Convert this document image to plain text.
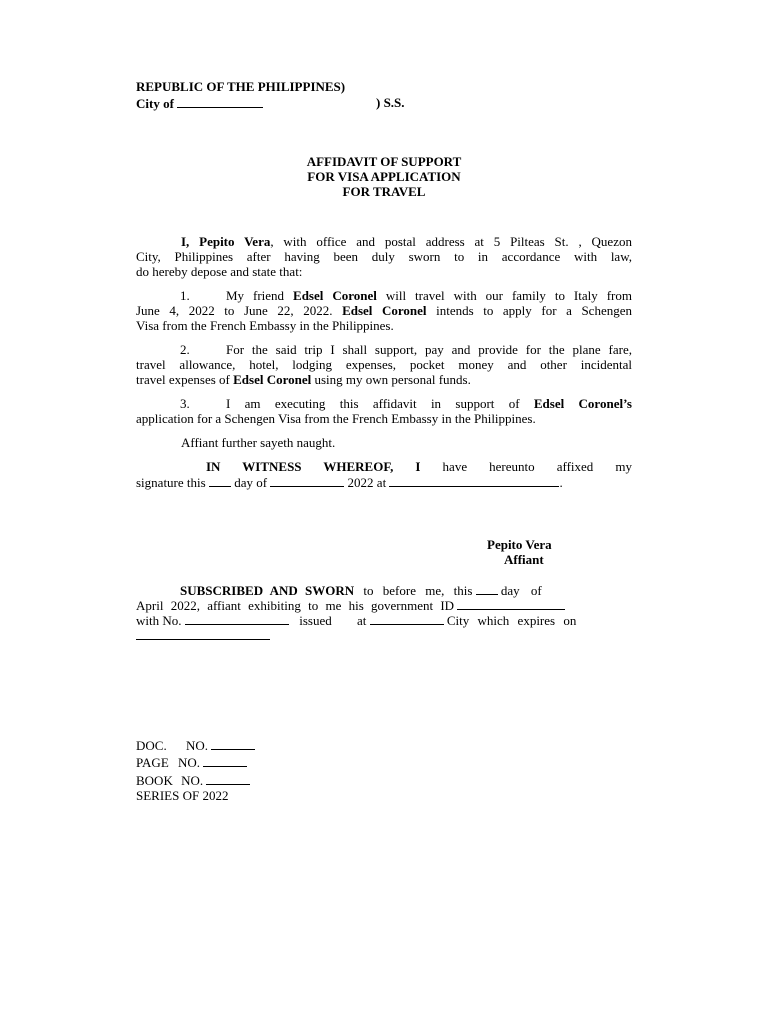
REPUBLIC OF THE PHILIPPINES)
City of	) S.S.
AFFIDAVIT OF SUPPORT
FOR VISA APPLICATION
FOR TRAVEL
I, Pepito Vera, with office and postal address at 5 Pilteas St. , Quezon
City, Philippines after having been duly sworn to in accordance with law,
do hereby depose and state that:
1.	My friend Edsel Coronel will travel with our family to Italy from
June 4, 2022 to June 22, 2022. Edsel Coronel intends to apply for a Schengen
Visa from the French Embassy in the Philippines.
2.	For the said trip I shall support, pay and provide for the plane fare,
travel allowance, hotel, lodging expenses, pocket money and other incidental
travel expenses of Edsel Coronel using my own personal funds.
3.	I am executing this affidavit in support of Edsel Coronel’s
application for a Schengen Visa from the French Embassy in the Philippines.
Affiant further sayeth naught.
IN WITNESS WHEREOF, I have hereunto affixed my
signature this day of	2022 at	.
Pepito Vera
Affiant
SUBSCRIBED AND SWORN to before me, this day of
April 2022, affiant exhibiting to me his government ID
with No.	issued at	City which expires on
DOC. NO.
PAGE NO.
BOOK NO.
SERIES OF 2022
